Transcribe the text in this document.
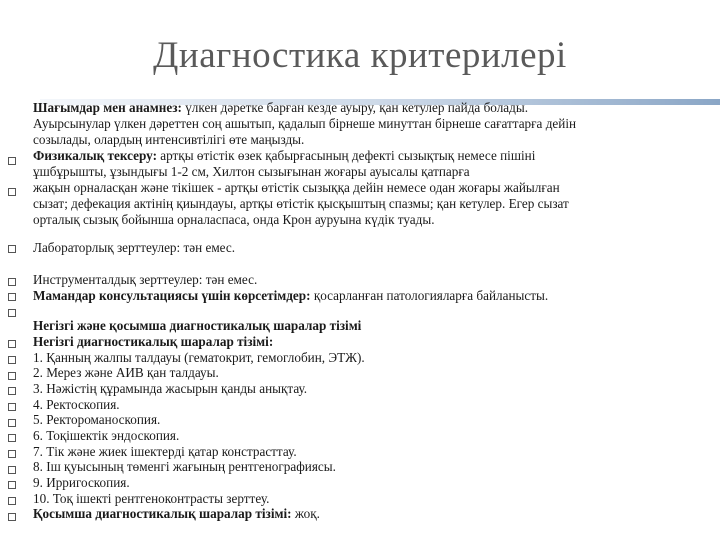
Диагностика критерилері
Шағымдар мен анамнез: үлкен дәретке барған кезде ауыру, қан кетулер пайда болады.
Ауырсынулар үлкен дәреттен соң ашытып, қадалып бірнеше минуттан бірнеше сағаттарға дейін
созылады, олардың интенсивтілігі өте маңызды.
Физикалық тексеру: артқы өтістік өзек қабырғасының дефекті сызықтық немесе пішіні
ұшбұрышты, ұзындығы 1-2 см, Хилтон сызығынан жоғары ауысалы қатпарға
жақын орналасқан және тікішек - артқы өтістік сызыққа дейін немесе одан жоғары жайылған
сызат; дефекация актінің қиындауы, артқы өтістік қысқыштың спазмы; қан кетулер. Егер сызат
орталық сызық бойынша орналаспаса, онда Крон ауруына күдік туады.
Лабораторлық зерттеулер: тән емес.
Инструменталдық зерттеулер: тән емес.
Мамандар консультациясы үшін көрсетімдер: қосарланған патологияларға байланысты.
Негізгі және қосымша диагностикалық шаралар тізімі
Негізгі диагностикалық шаралар тізімі:
1. Қанның жалпы талдауы (гематокрит, гемоглобин, ЭТЖ).
2. Мерез және АИВ қан талдауы.
3. Нәжістің құрамында жасырын қанды анықтау.
4. Ректоскопия.
5. Ректороманоскопия.
6. Тоқішектік эндоскопия.
7. Тік және жиек ішектерді қатар констрасттау.
8. Іш қуысының төменгі жағының рентгенографиясы.
9. Ирригоскопия.
10. Тоқ ішекті рентгеноконтрасты зерттеу.
Қосымша диагностикалық шаралар тізімі: жоқ.
